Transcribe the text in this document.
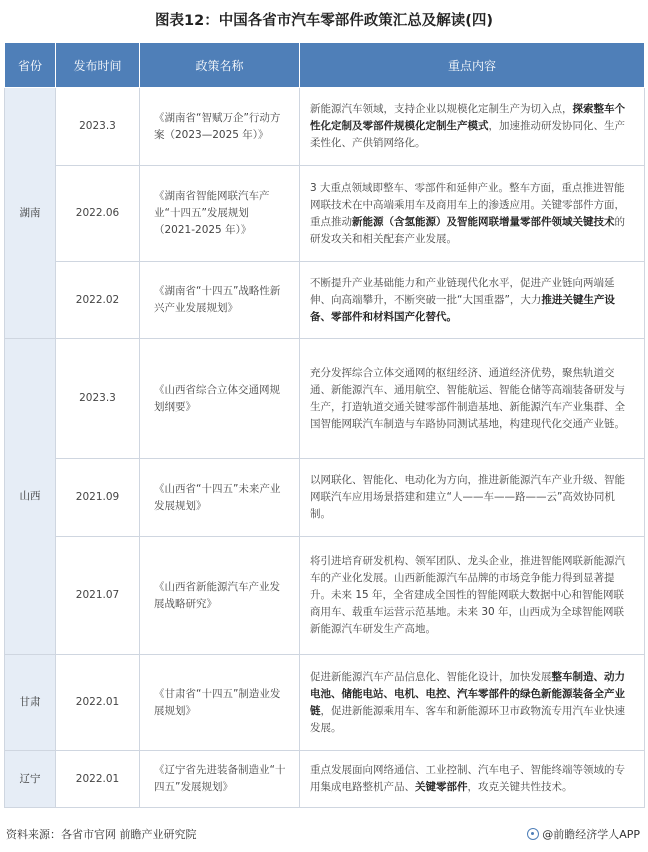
图表12：中国各省市汽车零部件政策汇总及解读(四)

省份	发布时间	政策名称	重点内容
湖南	2023.3	《湖南省“智赋万企”行动方案（2023—2025 年）》	新能源汽车领域，支持企业以规模化定制生产为切入点，探索整车个性化定制及零部件规模化定制生产模式，加速推动研发协同化、生产柔性化、产供销网络化。
	2022.06	《湖南省智能网联汽车产业“十四五”发展规划（2021-2025 年）》	3 大重点领域即整车、零部件和延伸产业。整车方面，重点推进智能网联技术在中高端乘用车及商用车上的渗透应用。关键零部件方面，重点推动新能源（含氢能源）及智能网联增量零部件领域关键技术的研发攻关和相关配套产业发展。
	2022.02	《湖南省“十四五”战略性新兴产业发展规划》	不断提升产业基础能力和产业链现代化水平，促进产业链向两端延伸、向高端攀升，不断突破一批“大国重器”，大力推进关键生产设备、零部件和材料国产化替代。
山西	2023.3	《山西省综合立体交通网规划纲要》	充分发挥综合立体交通网的枢纽经济、通道经济优势，聚焦轨道交通、新能源汽车、通用航空、智能航运、智能仓储等高端装备研发与生产，打造轨道交通关键零部件制造基地、新能源汽车产业集群、全国智能网联汽车制造与车路协同测试基地，构建现代化交通产业链。
	2021.09	《山西省“十四五”未来产业发展规划》	以网联化、智能化、电动化为方向，推进新能源汽车产业升级、智能网联汽车应用场景搭建和建立“人——车——路——云”高效协同机制。
	2021.07	《山西省新能源汽车产业发展战略研究》	将引进培育研发机构、领军团队、龙头企业，推进智能网联新能源汽车的产业化发展。山西新能源汽车品牌的市场竞争能力得到显著提升。未来 15 年，全省建成全国性的智能网联大数据中心和智能网联商用车、载重车运营示范基地。未来 30 年，山西成为全球智能网联新能源汽车研发生产高地。
甘肃	2022.01	《甘肃省“十四五”制造业发展规划》	促进新能源汽车产品信息化、智能化设计，加快发展整车制造、动力电池、储能电站、电机、电控、汽车零部件的绿色新能源装备全产业链，促进新能源乘用车、客车和新能源环卫市政物流专用汽车业快速发展。
辽宁	2022.01	《辽宁省先进装备制造业“十四五”发展规划》	重点发展面向网络通信、工业控制、汽车电子、智能终端等领域的专用集成电路整机产品、关键零部件，攻克关键共性技术。
资料来源：各省市官网 前瞻产业研究院	@前瞻经济学人APP
